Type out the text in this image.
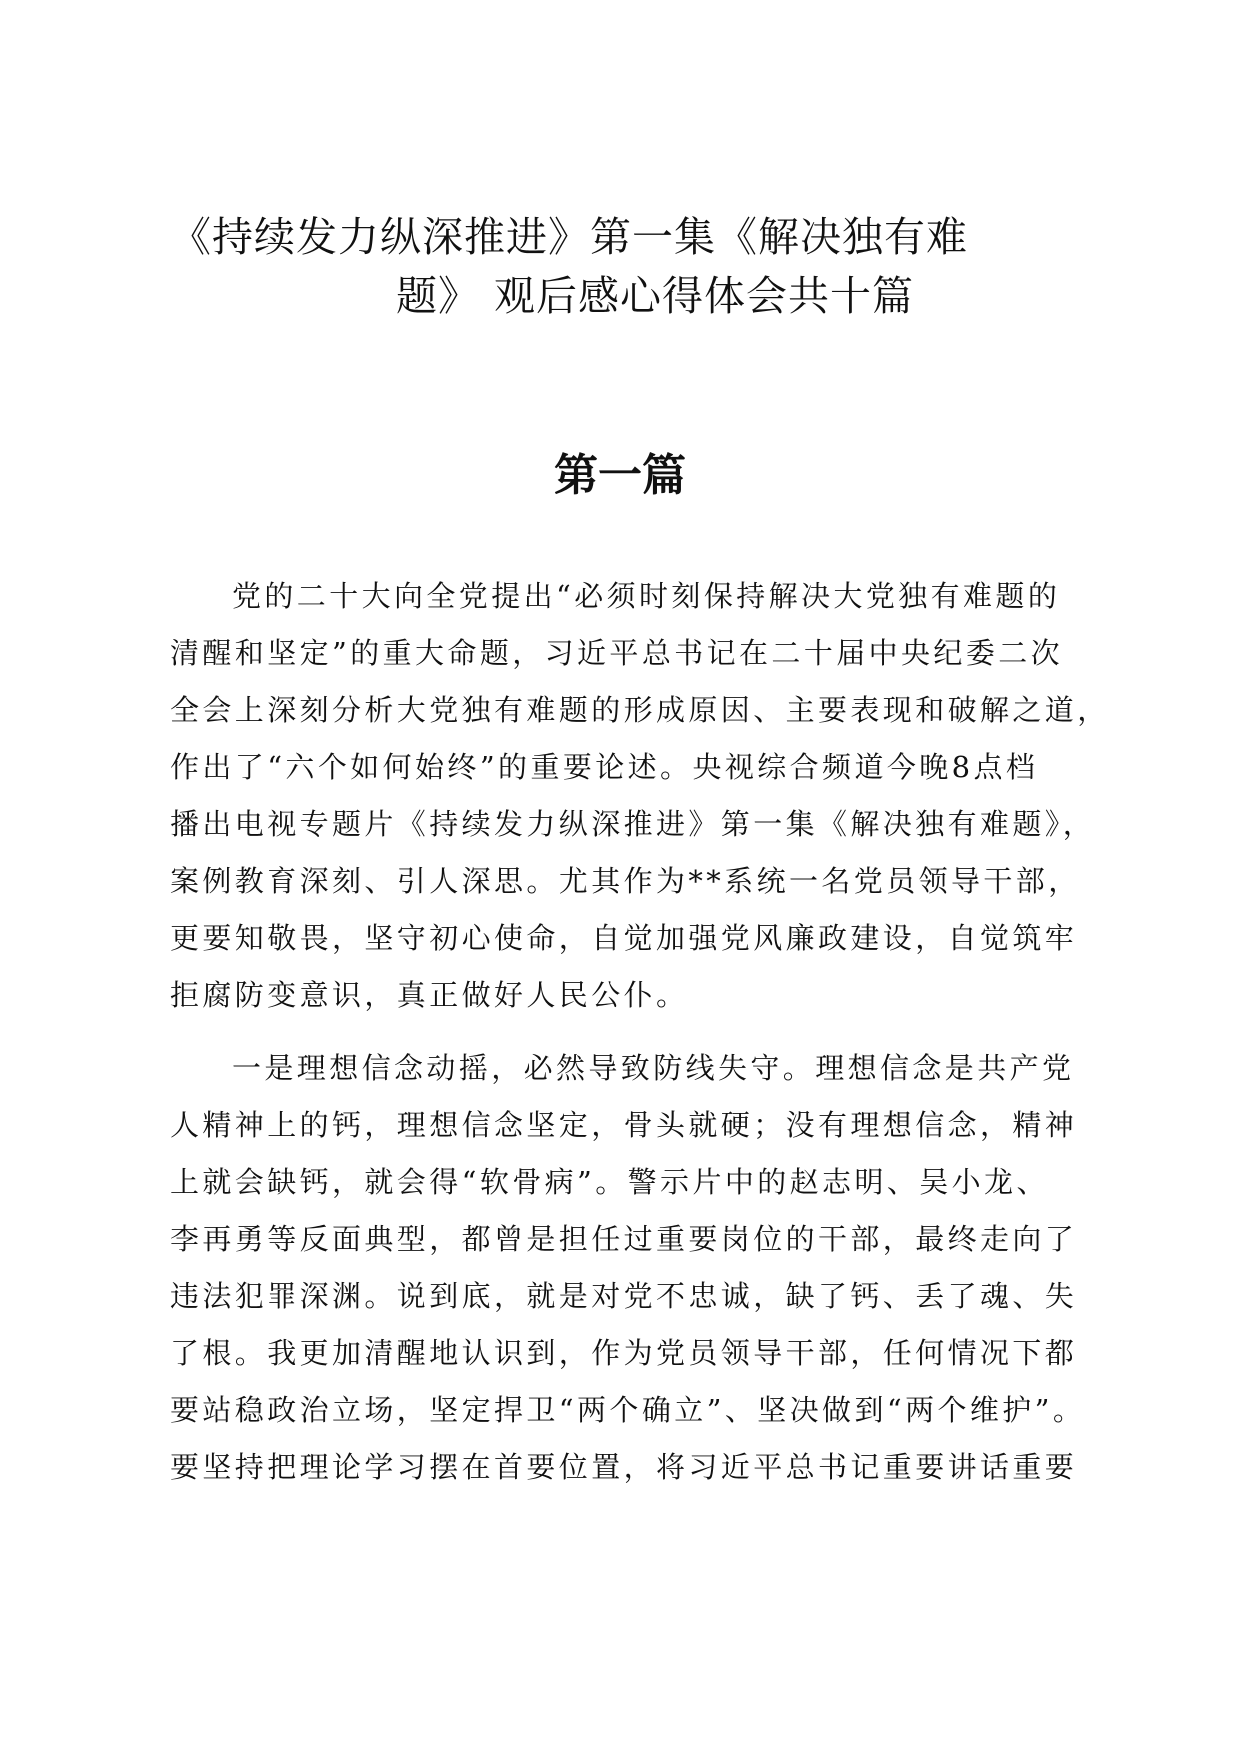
《持续发力纵深推进》第一集《解决独有难
题》 观后感心得体会共十篇
第一篇
党的二十大向全党提出“必须时刻保持解决大党独有难题的
清醒和坚定”的重大命题，习近平总书记在二十届中央纪委二次
全会上深刻分析大党独有难题的形成原因、主要表现和破解之道，
作出了“六个如何始终”的重要论述。央视综合频道今晚8点档
播出电视专题片《持续发力纵深推进》第一集《解决独有难题》，
案例教育深刻、引人深思。尤其作为**系统一名党员领导干部，
更要知敬畏，坚守初心使命，自觉加强党风廉政建设，自觉筑牢
拒腐防变意识，真正做好人民公仆。
一是理想信念动摇，必然导致防线失守。理想信念是共产党
人精神上的钙，理想信念坚定，骨头就硬；没有理想信念，精神
上就会缺钙，就会得“软骨病”。警示片中的赵志明、吴小龙、
李再勇等反面典型，都曾是担任过重要岗位的干部，最终走向了
违法犯罪深渊。说到底，就是对党不忠诚，缺了钙、丢了魂、失
了根。我更加清醒地认识到，作为党员领导干部，任何情况下都
要站稳政治立场，坚定捍卫“两个确立”、坚决做到“两个维护”。
要坚持把理论学习摆在首要位置，将习近平总书记重要讲话重要
